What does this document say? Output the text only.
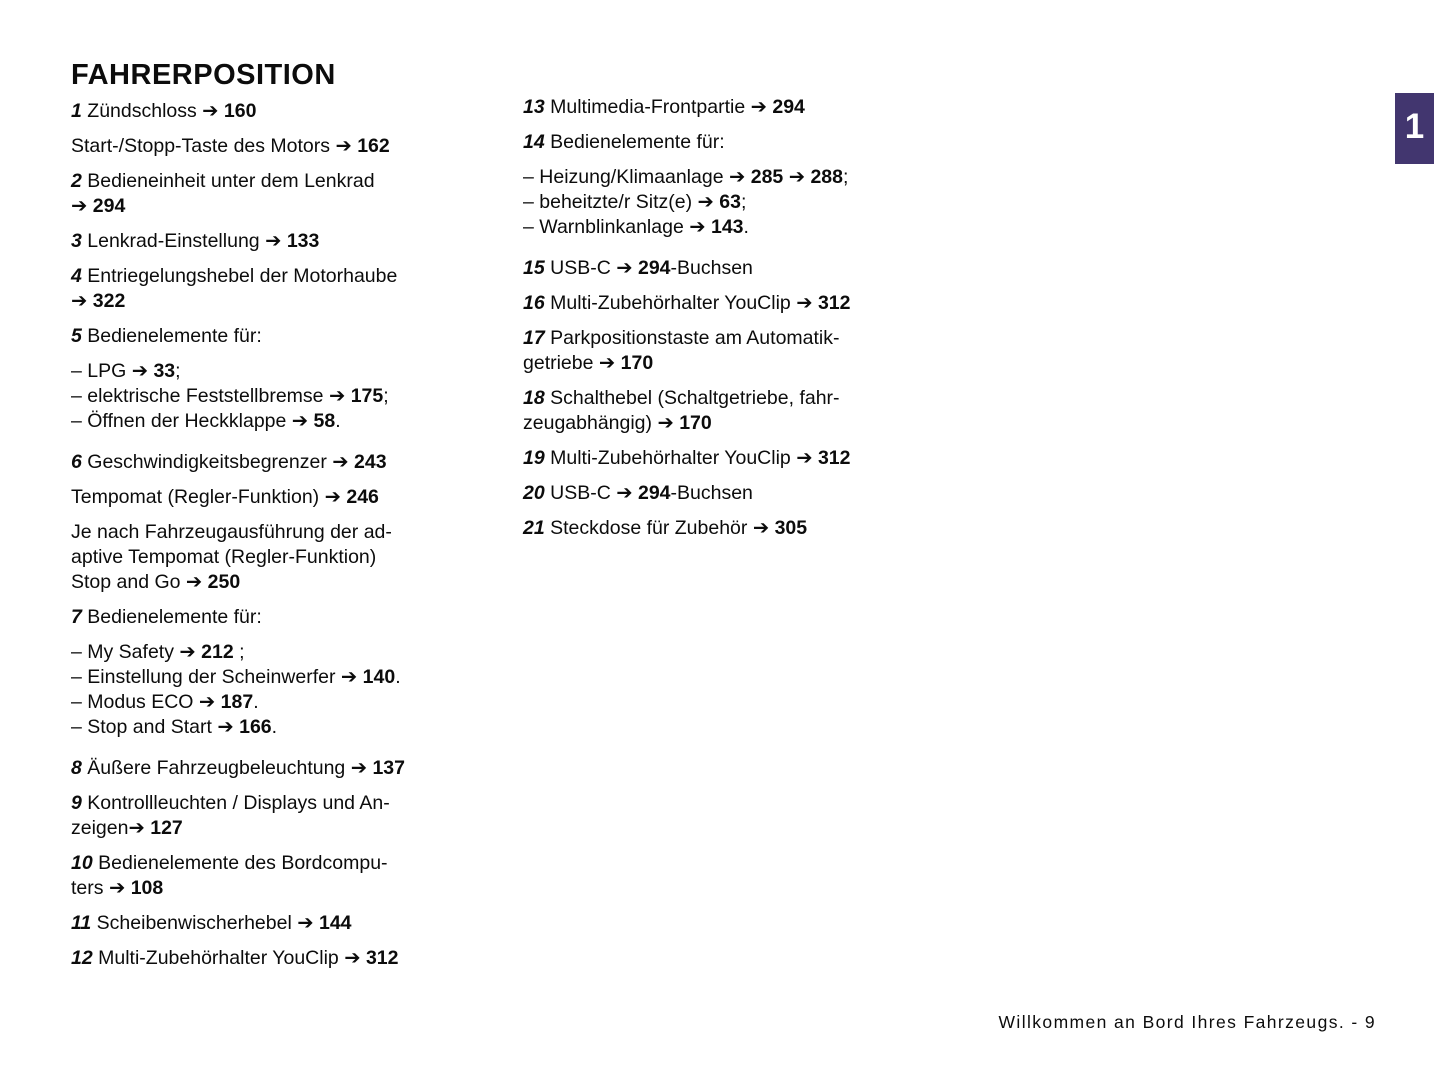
FAHRERPOSITION

1 Zündschloss ➔ 160

Start-/Stopp-Taste des Motors ➔ 162

2 Bedieneinheit unter dem Lenkrad
➔ 294

3 Lenkrad-Einstellung ➔ 133

4 Entriegelungshebel der Motorhaube
➔ 322

5 Bedienelemente für:

– LPG ➔ 33;
– elektrische Feststellbremse ➔ 175;
– Öffnen der Heckklappe ➔ 58.

6 Geschwindigkeitsbegrenzer ➔ 243

Tempomat (Regler-Funktion) ➔ 246

Je nach Fahrzeugausführung der ad-
aptive Tempomat (Regler-Funktion)
Stop and Go ➔ 250

7 Bedienelemente für:

– My Safety ➔ 212 ;
– Einstellung der Scheinwerfer ➔ 140.
– Modus ECO ➔ 187.
– Stop and Start ➔ 166.

8 Äußere Fahrzeugbeleuchtung ➔ 137

9 Kontrollleuchten / Displays und An-
zeigen➔ 127

10 Bedienelemente des Bordcompu-
ters ➔ 108

11 Scheibenwischerhebel ➔ 144

12 Multi-Zubehörhalter YouClip ➔ 312

13 Multimedia-Frontpartie ➔ 294

14 Bedienelemente für:

– Heizung/Klimaanlage ➔ 285 ➔ 288;
– beheitzte/r Sitz(e) ➔ 63;
– Warnblinkanlage ➔ 143.

15 USB-C ➔ 294-Buchsen

16 Multi-Zubehörhalter YouClip ➔ 312

17 Parkpositionstaste am Automatik-
getriebe ➔ 170

18 Schalthebel (Schaltgetriebe, fahr-
zeugabhängig) ➔ 170

19 Multi-Zubehörhalter YouClip ➔ 312

20 USB-C ➔ 294-Buchsen

21 Steckdose für Zubehör ➔ 305

1
Willkommen an Bord Ihres Fahrzeugs. - 9
